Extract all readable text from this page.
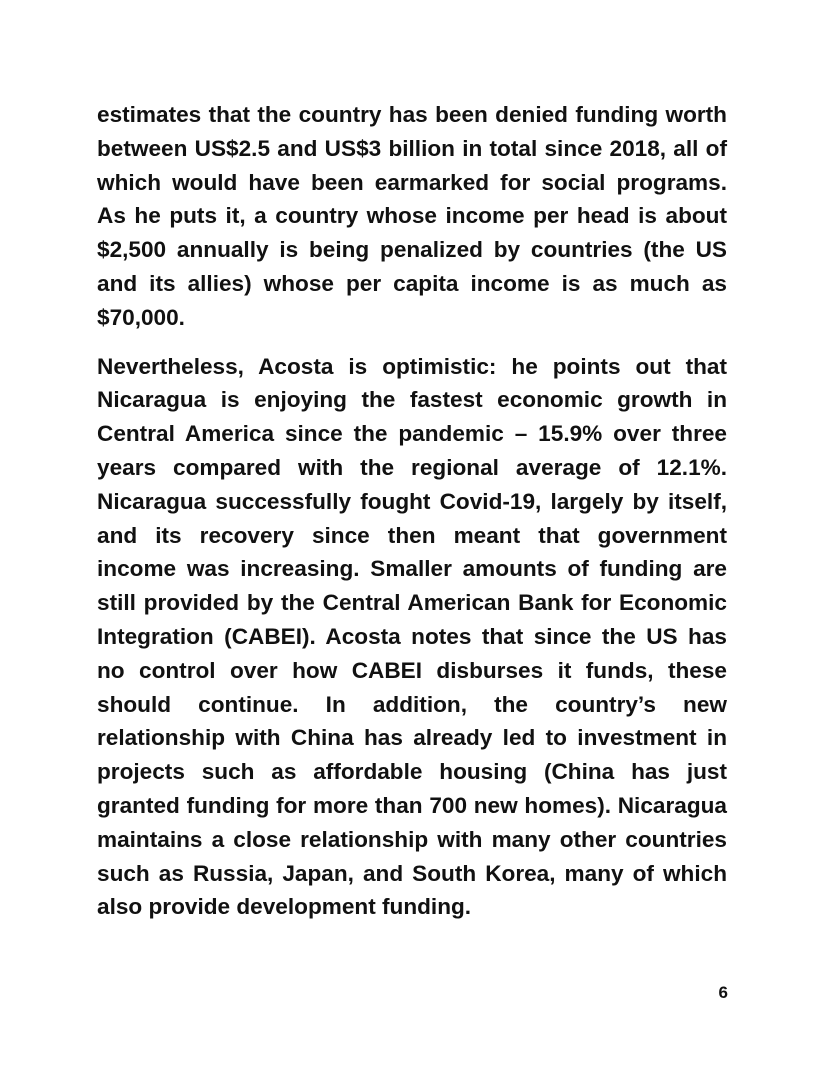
estimates that the country has been denied funding worth between US$2.5 and US$3 billion in total since 2018, all of which would have been earmarked for social programs. As he puts it, a country whose income per head is about $2,500 annually is being penalized by countries (the US and its allies) whose per capita income is as much as $70,000.

Nevertheless, Acosta is optimistic: he points out that Nicaragua is enjoying the fastest economic growth in Central America since the pandemic – 15.9% over three years compared with the regional average of 12.1%. Nicaragua successfully fought Covid-19, largely by itself, and its recovery since then meant that government income was increasing. Smaller amounts of funding are still provided by the Central American Bank for Economic Integration (CABEI). Acosta notes that since the US has no control over how CABEI disburses it funds, these should continue. In addition, the country’s new relationship with China has already led to investment in projects such as affordable housing (China has just granted funding for more than 700 new homes). Nicaragua maintains a close relationship with many other countries such as Russia, Japan, and South Korea, many of which also provide development funding.

6
